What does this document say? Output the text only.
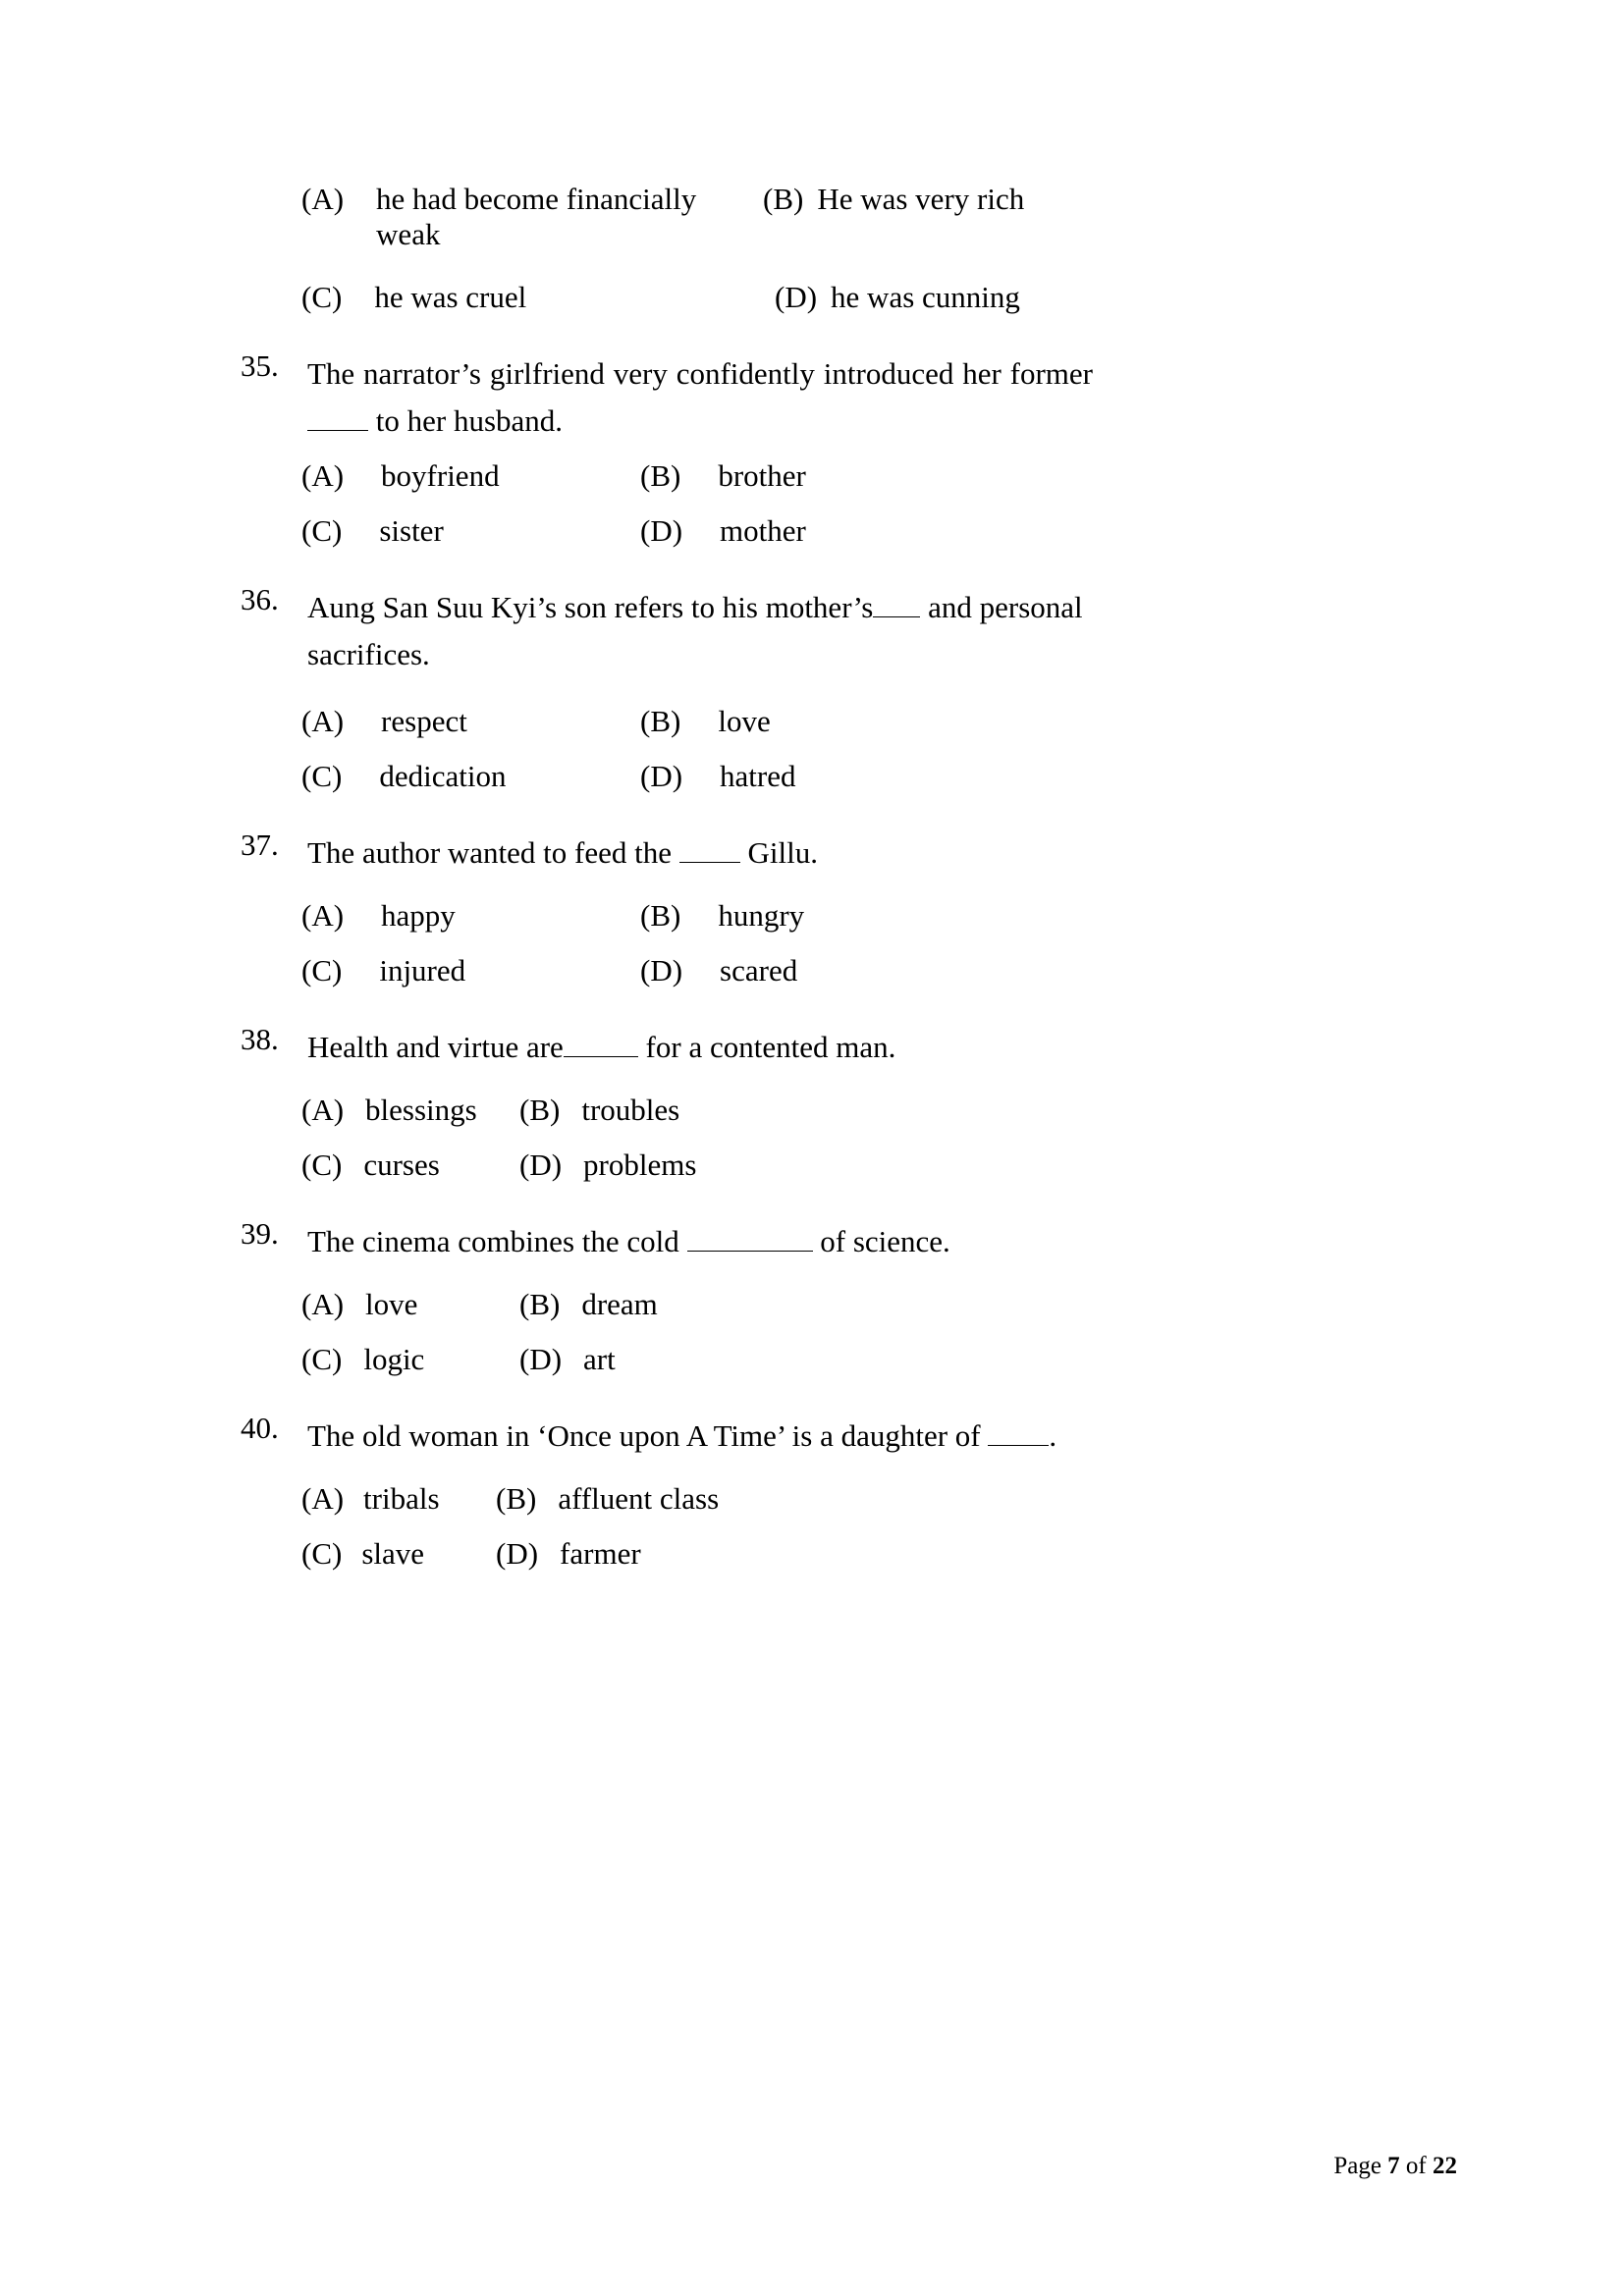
(A) he had become financially weak
(B) He was very rich
(C) he was cruel	(D) he was cunning
35. The narrator’s girlfriend very confidently introduced her former to her husband.
(A) boyfriend	(B) brother
(C) sister	(D) mother
36. Aung San Suu Kyi’s son refers to his mother’s and personal sacrifices.
(A) respect	(B) love
(C) dedication	(D) hatred
37. The author wanted to feed the	Gillu.
(A) happy	(B) hungry
(C) injured	(D) scared
38. Health and virtue are	for a contented man.
(A) blessings (B) troubles
(C) curses	(D) problems
39. The cinema combines the cold	of science.
(A) love	(B) dream
(C) logic	(D) art
40. The old woman in ‘Once upon A Time’ is a daughter of .
(A) tribals (B) affluent class
(C) slave (D) farmer
Page 7 of 22
